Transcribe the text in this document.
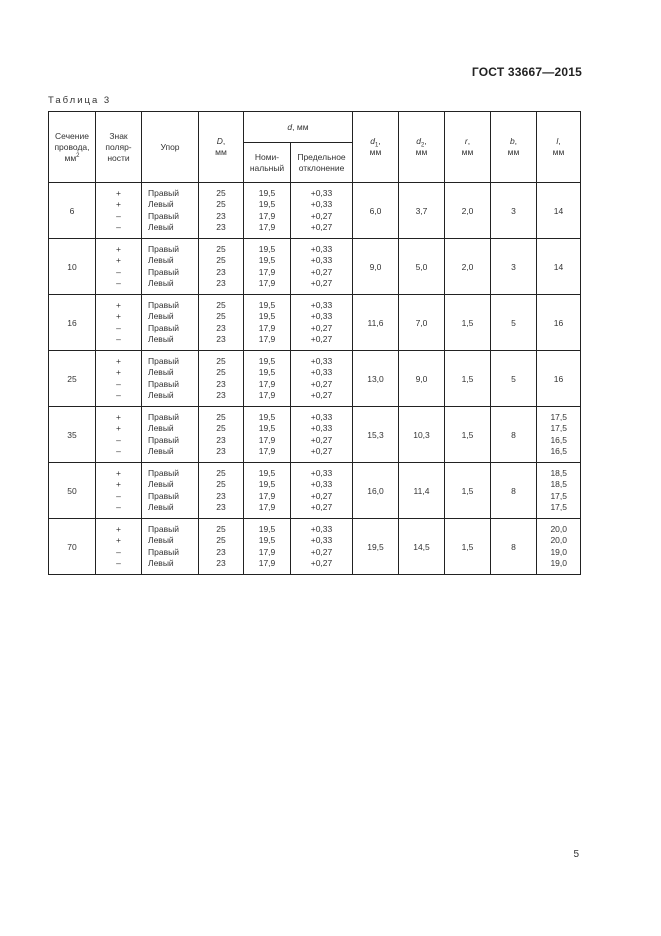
ГОСТ 33667—2015
Таблица 3
Сечение
провода,
$мм^2$	Знак
поляр-
ности	Упор	D,
мм	d, мм		$d_1$,
мм	$d_2$,
мм	r,
мм	b,
мм	l,
мм
				Номи-
нальный	Предельное
отклонение					
6	+
+
–
–	Правый
Левый
Правый
Левый	25
25
23
23	19,5
19,5
17,9
17,9	+0,33
+0,33
+0,27
+0,27	6,0	3,7	2,0	3	14
10	+
+
–
–	Правый
Левый
Правый
Левый	25
25
23
23	19,5
19,5
17,9
17,9	+0,33
+0,33
+0,27
+0,27	9,0	5,0	2,0	3	14
16	+
+
–
–	Правый
Левый
Правый
Левый	25
25
23
23	19,5
19,5
17,9
17,9	+0,33
+0,33
+0,27
+0,27	11,6	7,0	1,5	5	16
25	+
+
–
–	Правый
Левый
Правый
Левый	25
25
23
23	19,5
19,5
17,9
17,9	+0,33
+0,33
+0,27
+0,27	13,0	9,0	1,5	5	16
35	+
+
–
–	Правый
Левый
Правый
Левый	25
25
23
23	19,5
19,5
17,9
17,9	+0,33
+0,33
+0,27
+0,27	15,3	10,3	1,5	8	17,5
17,5
16,5
16,5

50	+
+
–
–	Правый
Левый
Правый
Левый	25
25
23
23	19,5
19,5
17,9
17,9	+0,33
+0,33
+0,27
+0,27	16,0	11,4	1,5	8	18,5
18,5
17,5
17,5

70	+
+
–
–	Правый
Левый
Правый
Левый	25
25
23
23	19,5
19,5
17,9
17,9	+0,33
+0,33
+0,27
+0,27	19,5	14,5	1,5	8	20,0
20,0
19,0
19,0
5
